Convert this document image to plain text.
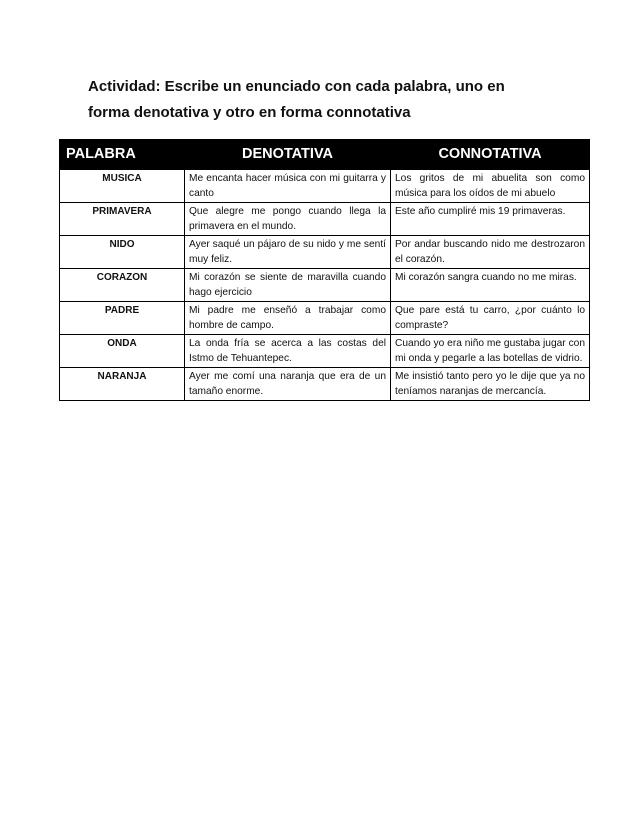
Actividad: Escribe un enunciado con cada palabra, uno en
forma denotativa y otro en forma connotativa
PALABRA	DENOTATIVA	CONNOTATIVA
MUSICA	Me encanta hacer música con mi guitarra y canto	Los gritos de mi abuelita son como música para los oídos de mi abuelo
PRIMAVERA	Que alegre me pongo cuando llega la primavera en el mundo.	Este año cumpliré mis 19 primaveras.
NIDO	Ayer saqué un pájaro de su nido y me sentí muy feliz.	Por andar buscando nido me destrozaron el corazón.
CORAZON	Mi corazón se siente de maravilla cuando hago ejercicio	Mi corazón sangra cuando no me miras.
PADRE	Mi padre me enseñó a trabajar como hombre de campo.	Que pare está tu carro, ¿por cuánto lo compraste?
ONDA	La onda fría se acerca a las costas del Istmo de Tehuantepec.	Cuando yo era niño me gustaba jugar con mi onda y pegarle a las botellas de vidrio.
NARANJA	Ayer me comí una naranja que era de un tamaño enorme.	Me insistió tanto pero yo le dije que ya no teníamos naranjas de mercancía.
